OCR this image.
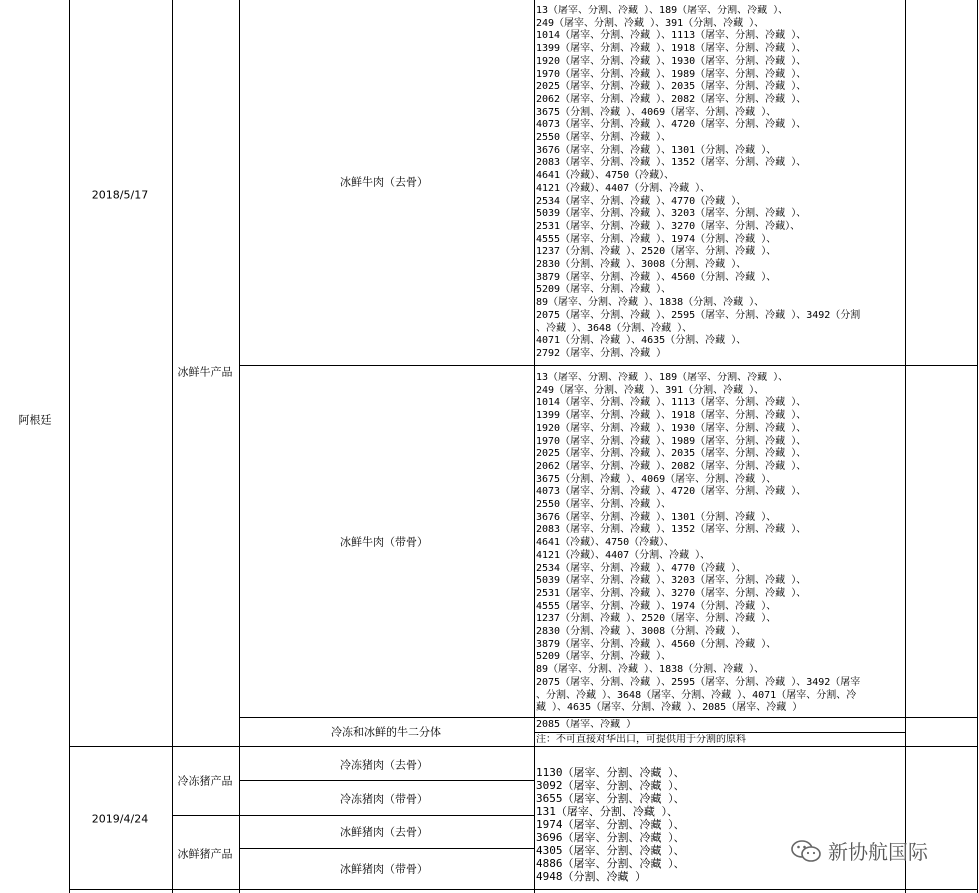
阿根廷
2018/5/17
2019/4/24
冰鲜牛产品
冷冻猪产品
冰鲜猪产品
冰鲜牛肉（去骨）
冰鲜牛肉（带骨）
冷冻和冰鲜的牛二分体
冷冻猪肉（去骨）
冷冻猪肉（带骨）
冰鲜猪肉（去骨）
冰鲜猪肉（带骨）
13（屠宰、分割、冷藏 ）、189（屠宰、分割、冷藏 ）、
249（屠宰、分割、冷藏 ）、391（分割、冷藏 ）、
1014（屠宰、分割、冷藏 ）、1113（屠宰、分割、冷藏 ）、
1399（屠宰、分割、冷藏 ）、1918（屠宰、分割、冷藏 ）、
1920（屠宰、分割、冷藏 ）、1930（屠宰、分割、冷藏 ）、
1970（屠宰、分割、冷藏 ）、1989（屠宰、分割、冷藏 ）、
2025（屠宰、分割、冷藏 ）、2035（屠宰、分割、冷藏 ）、
2062（屠宰、分割、冷藏 ）、2082（屠宰、分割、冷藏 ）、
3675（分割、冷藏 ）、4069（屠宰、分割、冷藏 ）、
4073（屠宰、分割、冷藏 ）、4720（屠宰、分割、冷藏 ）、
2550（屠宰、分割、冷藏 ）、
3676（屠宰、分割、冷藏 ）、1301（分割、冷藏 ）、
2083（屠宰、分割、冷藏 ）、1352（屠宰、分割、冷藏 ）、
4641（冷藏）、4750（冷藏）、
4121（冷藏）、4407（分割、冷藏 ）、
2534（屠宰、分割、冷藏 ）、4770（冷藏 ）、
5039（屠宰、分割、冷藏 ）、3203（屠宰、分割、冷藏 ）、
2531（屠宰、分割、冷藏 ）、3270（屠宰、分割、冷藏）、
4555（屠宰、分割、冷藏 ）、1974（分割、冷藏 ）、
1237（分割、冷藏 ）、2520（屠宰、分割、冷藏 ）、
2830（分割、冷藏 ）、3008（分割、冷藏 ）、
3879（屠宰、分割、冷藏 ）、4560（分割、冷藏 ）、
5209（屠宰、分割、冷藏 ）、
89（屠宰、分割、冷藏 ）、1838（分割、冷藏 ）、
2075（屠宰、分割、冷藏 ）、2595（屠宰、分割、冷藏 ）、3492（分割
、冷藏 ）、3648（分割、冷藏 ）、
4071（分割、冷藏 ）、4635（分割、冷藏 ）、
2792（屠宰、分割、冷藏 ）
13（屠宰、分割、冷藏 ）、189（屠宰、分割、冷藏 ）、
249（屠宰、分割、冷藏 ）、391（分割、冷藏 ）、
1014（屠宰、分割、冷藏 ）、1113（屠宰、分割、冷藏 ）、
1399（屠宰、分割、冷藏 ）、1918（屠宰、分割、冷藏 ）、
1920（屠宰、分割、冷藏 ）、1930（屠宰、分割、冷藏 ）、
1970（屠宰、分割、冷藏 ）、1989（屠宰、分割、冷藏 ）、
2025（屠宰、分割、冷藏 ）、2035（屠宰、分割、冷藏 ）、
2062（屠宰、分割、冷藏 ）、2082（屠宰、分割、冷藏 ）、
3675（分割、冷藏 ）、4069（屠宰、分割、冷藏 ）、
4073（屠宰、分割、冷藏 ）、4720（屠宰、分割、冷藏 ）、
2550（屠宰、分割、冷藏 ）、
3676（屠宰、分割、冷藏 ）、1301（分割、冷藏 ）、
2083（屠宰、分割、冷藏 ）、1352（屠宰、分割、冷藏 ）、
4641（冷藏）、4750（冷藏）、
4121（冷藏）、4407（分割、冷藏 ）、
2534（屠宰、分割、冷藏 ）、4770（冷藏 ）、
5039（屠宰、分割、冷藏 ）、3203（屠宰、分割、冷藏 ）、
2531（屠宰、分割、冷藏 ）、3270（屠宰、分割、冷藏 ）、
4555（屠宰、分割、冷藏 ）、1974（分割、冷藏 ）、
1237（分割、冷藏 ）、2520（屠宰、分割、冷藏 ）、
2830（分割、冷藏 ）、3008（分割、冷藏 ）、
3879（屠宰、分割、冷藏 ）、4560（分割、冷藏 ）、
5209（屠宰、分割、冷藏 ）、
89（屠宰、分割、冷藏 ）、1838（分割、冷藏 ）、
2075（屠宰、分割、冷藏 ）、2595（屠宰、分割、冷藏 ）、3492（屠宰
、分割、冷藏 ）、3648（屠宰、分割、冷藏 ）、4071（屠宰、分割、冷
藏 ）、4635（屠宰、分割、冷藏 ）、2085（屠宰、冷藏 ）
2085（屠宰、冷藏 ）
注：不可直接对华出口，可提供用于分割的原料
1130（屠宰、分割、冷藏 ）、
3092（屠宰、分割、冷藏 ）、
3655（屠宰、分割、冷藏 ）、
131（屠宰、分割、冷藏 ）、
1974（屠宰、分割、冷藏 ）、
3696（屠宰、分割、冷藏 ）、
4305（屠宰、分割、冷藏 ）、
4886（屠宰、分割、冷藏 ）、
4948（分割、冷藏 ）
新协航国际
